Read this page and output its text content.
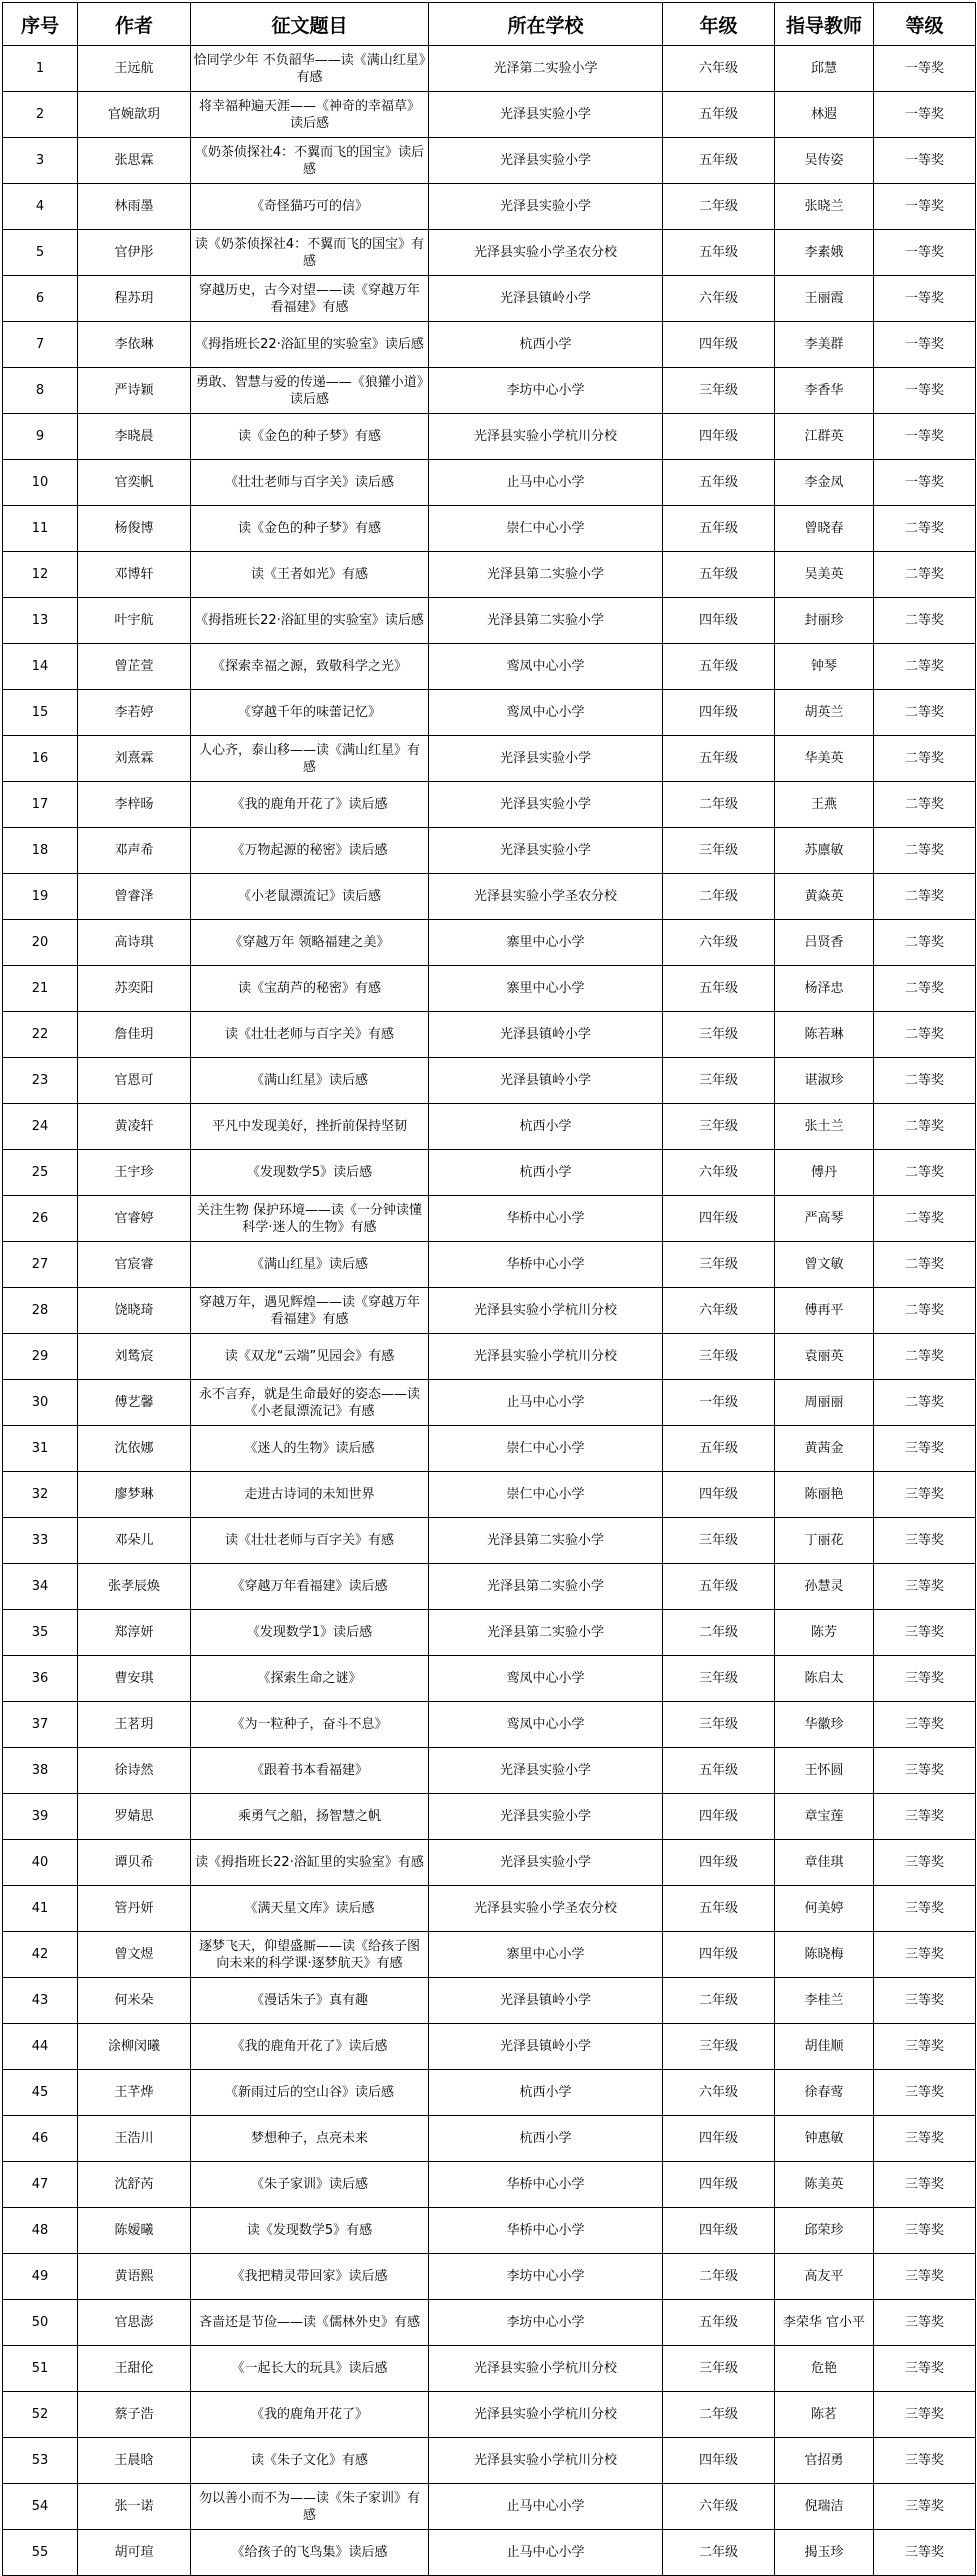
序号	作者	征文题目	所在学校	年级	指导教师	等级
1	王远航	恰同学少年 不负韶华——读《满山红星》有感	光泽第二实验小学	六年级	邱慧	一等奖
2	官婉歆玥	将幸福种遍天涯——《神奇的幸福草》读后感	光泽县实验小学	五年级	林遐	一等奖
3	张思霖	《奶茶侦探社4：不翼而飞的国宝》读后感	光泽县实验小学	五年级	吴传姿	一等奖
4	林雨墨	《奇怪猫巧可的信》	光泽县实验小学	二年级	张晓兰	一等奖
5	官伊彤	读《奶茶侦探社4：不翼而飞的国宝》有感	光泽县实验小学圣农分校	五年级	李素娥	一等奖
6	程苏玥	穿越历史，古今对望——读《穿越万年看福建》有感	光泽县镇岭小学	六年级	王丽霞	一等奖
7	李依琳	《拇指班长22·浴缸里的实验室》读后感	杭西小学	四年级	李美群	一等奖
8	严诗颖	勇敢、智慧与爱的传递——《狼獾小道》读后感	李坊中心小学	三年级	李香华	一等奖
9	李晓晨	读《金色的种子梦》有感	光泽县实验小学杭川分校	四年级	江群英	一等奖
10	官奕帆	《壮壮老师与百字关》读后感	止马中心小学	五年级	李金凤	一等奖
11	杨俊博	读《金色的种子梦》有感	崇仁中心小学	五年级	曾晓春	二等奖
12	邓博轩	读《王者如光》有感	光泽县第二实验小学	五年级	吴美英	二等奖
13	叶宇航	《拇指班长22·浴缸里的实验室》读后感	光泽县第二实验小学	四年级	封丽珍	二等奖
14	曾芷萱	《探索幸福之源，致敬科学之光》	鸾凤中心小学	五年级	钟琴	二等奖
15	李若婷	《穿越千年的味蕾记忆》	鸾凤中心小学	四年级	胡英兰	二等奖
16	刘熹霖	人心齐，泰山移——读《满山红星》有感	光泽县实验小学	五年级	华美英	二等奖
17	李梓旸	《我的鹿角开花了》读后感	光泽县实验小学	二年级	王燕	二等奖
18	邓声希	《万物起源的秘密》读后感	光泽县实验小学	三年级	苏廪敏	二等奖
19	曾睿泽	《小老鼠漂流记》读后感	光泽县实验小学圣农分校	二年级	黄焱英	二等奖
20	高诗琪	《穿越万年 领略福建之美》	寨里中心小学	六年级	吕贤香	二等奖
21	苏奕阳	读《宝葫芦的秘密》有感	寨里中心小学	五年级	杨泽忠	二等奖
22	詹佳玥	读《壮壮老师与百字关》有感	光泽县镇岭小学	三年级	陈若琳	二等奖
23	官恩可	《满山红星》读后感	光泽县镇岭小学	三年级	谌淑珍	二等奖
24	黄凌轩	平凡中发现美好，挫折前保持坚韧	杭西小学	三年级	张土兰	二等奖
25	王宇珍	《发现数学5》读后感	杭西小学	六年级	傅丹	二等奖
26	官睿婷	关注生物 保护环境——读《一分钟读懂科学·迷人的生物》有感	华桥中心小学	四年级	严高琴	二等奖
27	官宸睿	《满山红星》读后感	华桥中心小学	三年级	曾文敏	二等奖
28	饶晓琦	穿越万年，遇见辉煌——读《穿越万年看福建》有感	光泽县实验小学杭川分校	六年级	傅再平	二等奖
29	刘鸶宸	读《双龙“云端”见园会》有感	光泽县实验小学杭川分校	三年级	袁丽英	二等奖
30	傅艺馨	永不言弃，就是生命最好的姿态——读《小老鼠漂流记》有感	止马中心小学	一年级	周丽丽	二等奖
31	沈依娜	《迷人的生物》读后感	崇仁中心小学	五年级	黄茜金	三等奖
32	廖梦琳	走进古诗词的未知世界	崇仁中心小学	四年级	陈丽艳	三等奖
33	邓朵儿	读《壮壮老师与百字关》有感	光泽县第二实验小学	三年级	丁丽花	三等奖
34	张孝辰焕	《穿越万年看福建》读后感	光泽县第二实验小学	五年级	孙慧灵	三等奖
35	郑淳妍	《发现数学1》读后感	光泽县第二实验小学	二年级	陈芳	三等奖
36	曹安琪	《探索生命之谜》	鸾凤中心小学	三年级	陈启太	三等奖
37	王茗玥	《为一粒种子，奋斗不息》	鸾凤中心小学	三年级	华徽珍	三等奖
38	徐诗然	《跟着书本看福建》	光泽县实验小学	五年级	王怀圆	三等奖
39	罗婧思	乘勇气之船，扬智慧之帆	光泽县实验小学	四年级	章宝莲	三等奖
40	谭贝希	读《拇指班长22·浴缸里的实验室》有感	光泽县实验小学	四年级	章佳琪	三等奖
41	管丹妍	《满天星文库》读后感	光泽县实验小学圣农分校	五年级	何美婷	三等奖
42	曾文煜	逐梦飞天，仰望盛厮——读《给孩子图向未来的科学课·逐梦航天》有感	寨里中心小学	四年级	陈晓梅	三等奖
43	何米朵	《漫话朱子》真有趣	光泽县镇岭小学	二年级	李桂兰	三等奖
44	涂柳闵曦	《我的鹿角开花了》读后感	光泽县镇岭小学	三年级	胡佳顺	三等奖
45	王芊烨	《新雨过后的空山谷》读后感	杭西小学	六年级	徐春莺	三等奖
46	王浩川	梦想种子，点亮未来	杭西小学	四年级	钟惠敏	三等奖
47	沈舒芮	《朱子家训》读后感	华桥中心小学	四年级	陈美英	三等奖
48	陈嫒曦	读《发现数学5》有感	华桥中心小学	四年级	邱荣珍	三等奖
49	黄语熙	《我把精灵带回家》读后感	李坊中心小学	二年级	高友平	三等奖
50	官思澎	吝啬还是节俭——读《儒林外史》有感	李坊中心小学	五年级	李荣华 官小平	三等奖
51	王甜伦	《一起长大的玩具》读后感	光泽县实验小学杭川分校	三年级	危艳	三等奖
52	蔡子浩	《我的鹿角开花了》	光泽县实验小学杭川分校	二年级	陈茗	三等奖
53	王晨晗	读《朱子文化》有感	光泽县实验小学杭川分校	四年级	官招勇	三等奖
54	张一诺	勿以善小而不为——读《朱子家训》有感	止马中心小学	六年级	倪瑞洁	三等奖
55	胡可瑄	《给孩子的飞鸟集》读后感	止马中心小学	二年级	揭玉珍	三等奖
